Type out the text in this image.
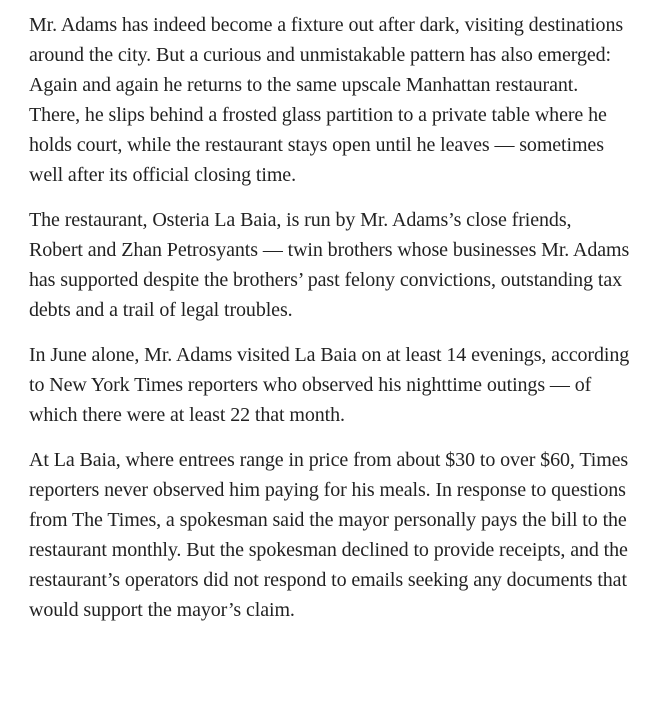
Mr. Adams has indeed become a fixture out after dark, visiting destinations around the city. But a curious and unmistakable pattern has also emerged: Again and again he returns to the same upscale Manhattan restaurant. There, he slips behind a frosted glass partition to a private table where he holds court, while the restaurant stays open until he leaves — sometimes well after its official closing time.

The restaurant, Osteria La Baia, is run by Mr. Adams’s close friends, Robert and Zhan Petrosyants — twin brothers whose businesses Mr. Adams has supported despite the brothers’ past felony convictions, outstanding tax debts and a trail of legal troubles.

In June alone, Mr. Adams visited La Baia on at least 14 evenings, according to New York Times reporters who observed his nighttime outings — of which there were at least 22 that month.

At La Baia, where entrees range in price from about $30 to over $60, Times reporters never observed him paying for his meals. In response to questions from The Times, a spokesman said the mayor personally pays the bill to the restaurant monthly. But the spokesman declined to provide receipts, and the restaurant’s operators did not respond to emails seeking any documents that would support the mayor’s claim.
